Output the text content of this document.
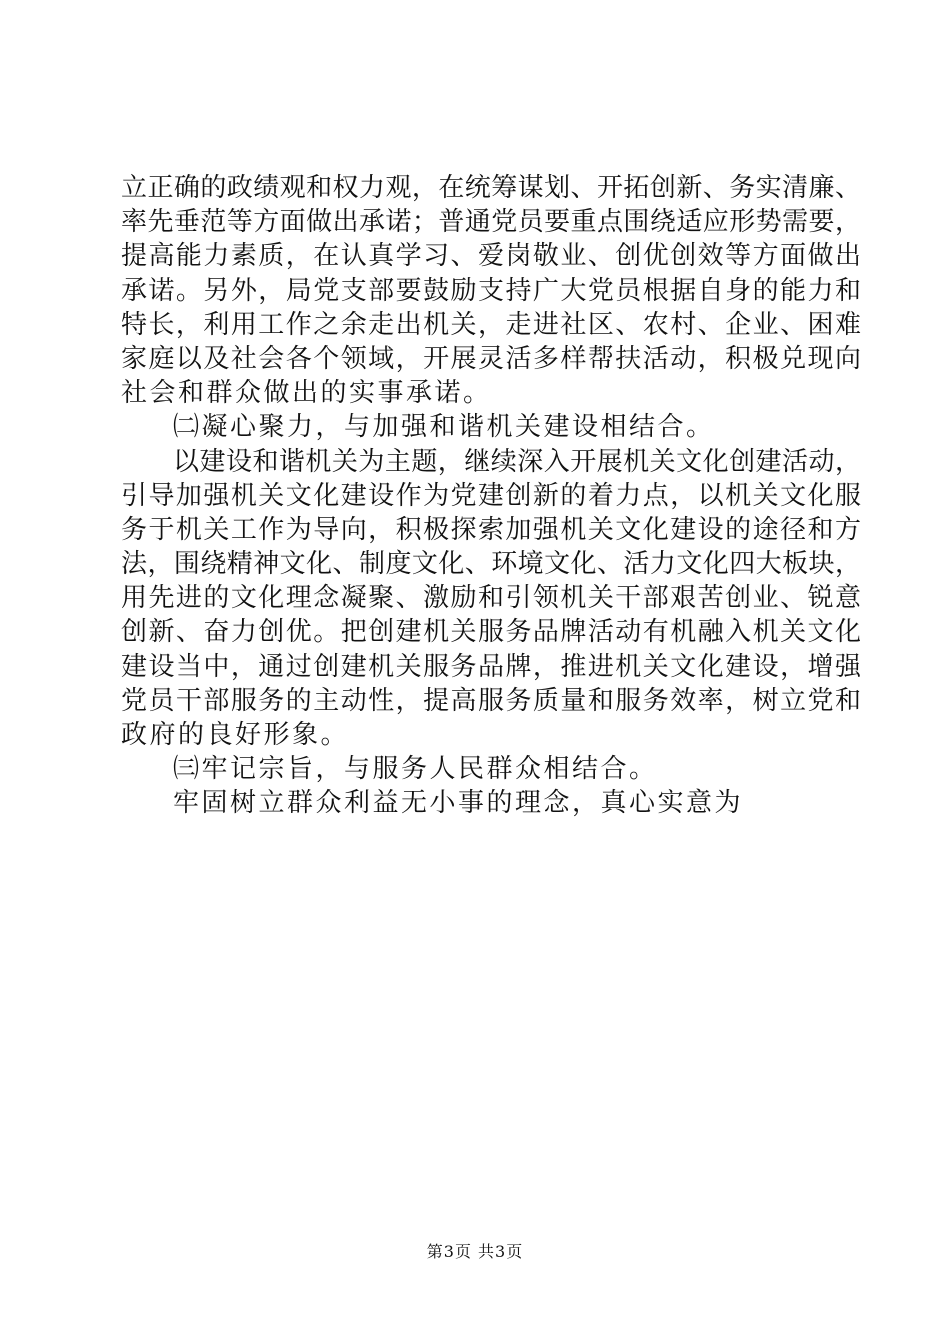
立正确的政绩观和权力观，在统筹谋划、开拓创新、务实清廉、
率先垂范等方面做出承诺；普通党员要重点围绕适应形势需要，
提高能力素质，在认真学习、爱岗敬业、创优创效等方面做出
承诺。另外，局党支部要鼓励支持广大党员根据自身的能力和
特长，利用工作之余走出机关，走进社区、农村、企业、困难
家庭以及社会各个领域，开展灵活多样帮扶活动，积极兑现向
社会和群众做出的实事承诺。
㈡凝心聚力，与加强和谐机关建设相结合。
以建设和谐机关为主题，继续深入开展机关文化创建活动，
引导加强机关文化建设作为党建创新的着力点，以机关文化服
务于机关工作为导向，积极探索加强机关文化建设的途径和方
法，围绕精神文化、制度文化、环境文化、活力文化四大板块，
用先进的文化理念凝聚、激励和引领机关干部艰苦创业、锐意
创新、奋力创优。把创建机关服务品牌活动有机融入机关文化
建设当中，通过创建机关服务品牌，推进机关文化建设，增强
党员干部服务的主动性，提高服务质量和服务效率，树立党和
政府的良好形象。
㈢牢记宗旨，与服务人民群众相结合。
牢固树立群众利益无小事的理念，真心实意为
第3页 共3页
